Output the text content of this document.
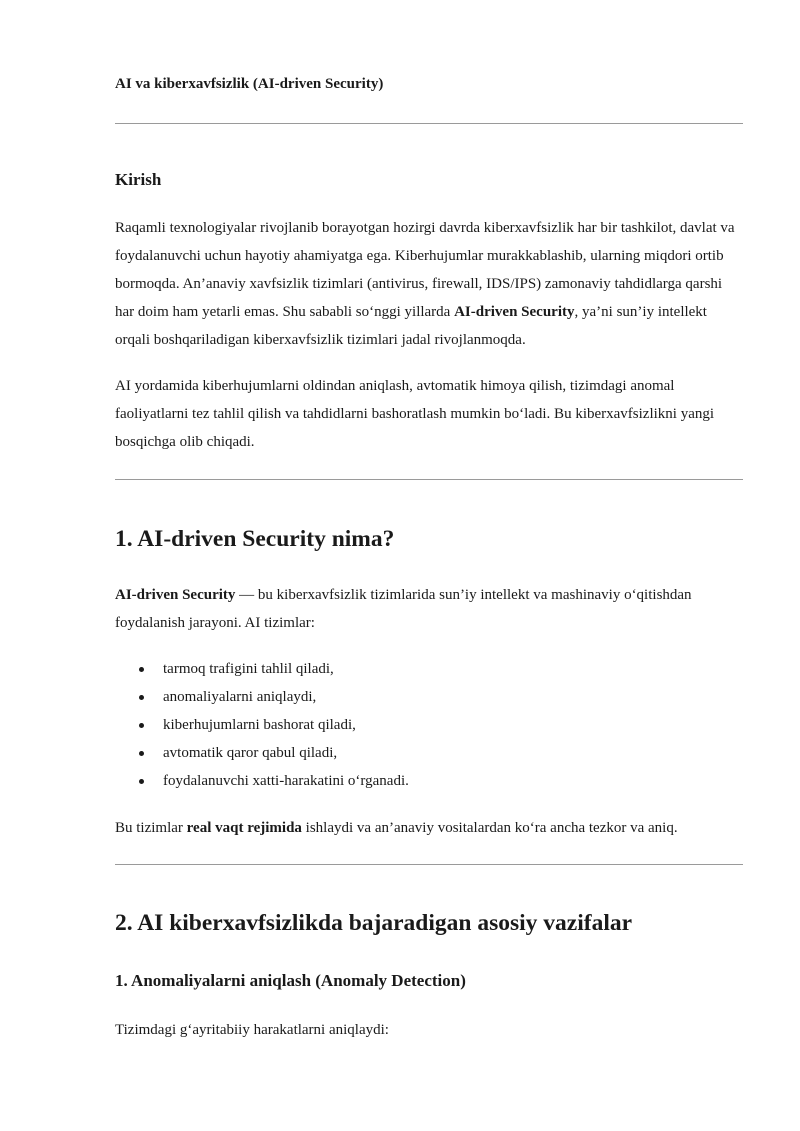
AI va kiberxavfsizlik (AI-driven Security)
Kirish
Raqamli texnologiyalar rivojlanib borayotgan hozirgi davrda kiberxavfsizlik har bir tashkilot, davlat va foydalanuvchi uchun hayotiy ahamiyatga ega. Kiberhujumlar murakkablashib, ularning miqdori ortib bormoqda. An’anaviy xavfsizlik tizimlari (antivirus, firewall, IDS/IPS) zamonaviy tahdidlarga qarshi har doim ham yetarli emas. Shu sababli so‘nggi yillarda AI-driven Security, ya’ni sun’iy intellekt orqali boshqariladigan kiberxavfsizlik tizimlari jadal rivojlanmoqda.
AI yordamida kiberhujumlarni oldindan aniqlash, avtomatik himoya qilish, tizimdagi anomal faoliyatlarni tez tahlil qilish va tahdidlarni bashoratlash mumkin bo‘ladi. Bu kiberxavfsizlikni yangi bosqichga olib chiqadi.
1. AI-driven Security nima?
AI-driven Security — bu kiberxavfsizlik tizimlarida sun’iy intellekt va mashinaviy o‘qitishdan foydalanish jarayoni. AI tizimlar:
tarmoq trafigini tahlil qiladi,
anomaliyalarni aniqlaydi,
kiberhujumlarni bashorat qiladi,
avtomatik qaror qabul qiladi,
foydalanuvchi xatti-harakatini o‘rganadi.
Bu tizimlar real vaqt rejimida ishlaydi va an’anaviy vositalardan ko‘ra ancha tezkor va aniq.
2. AI kiberxavfsizlikda bajaradigan asosiy vazifalar
1. Anomaliyalarni aniqlash (Anomaly Detection)
Tizimdagi g‘ayritabiiy harakatlarni aniqlaydi:
